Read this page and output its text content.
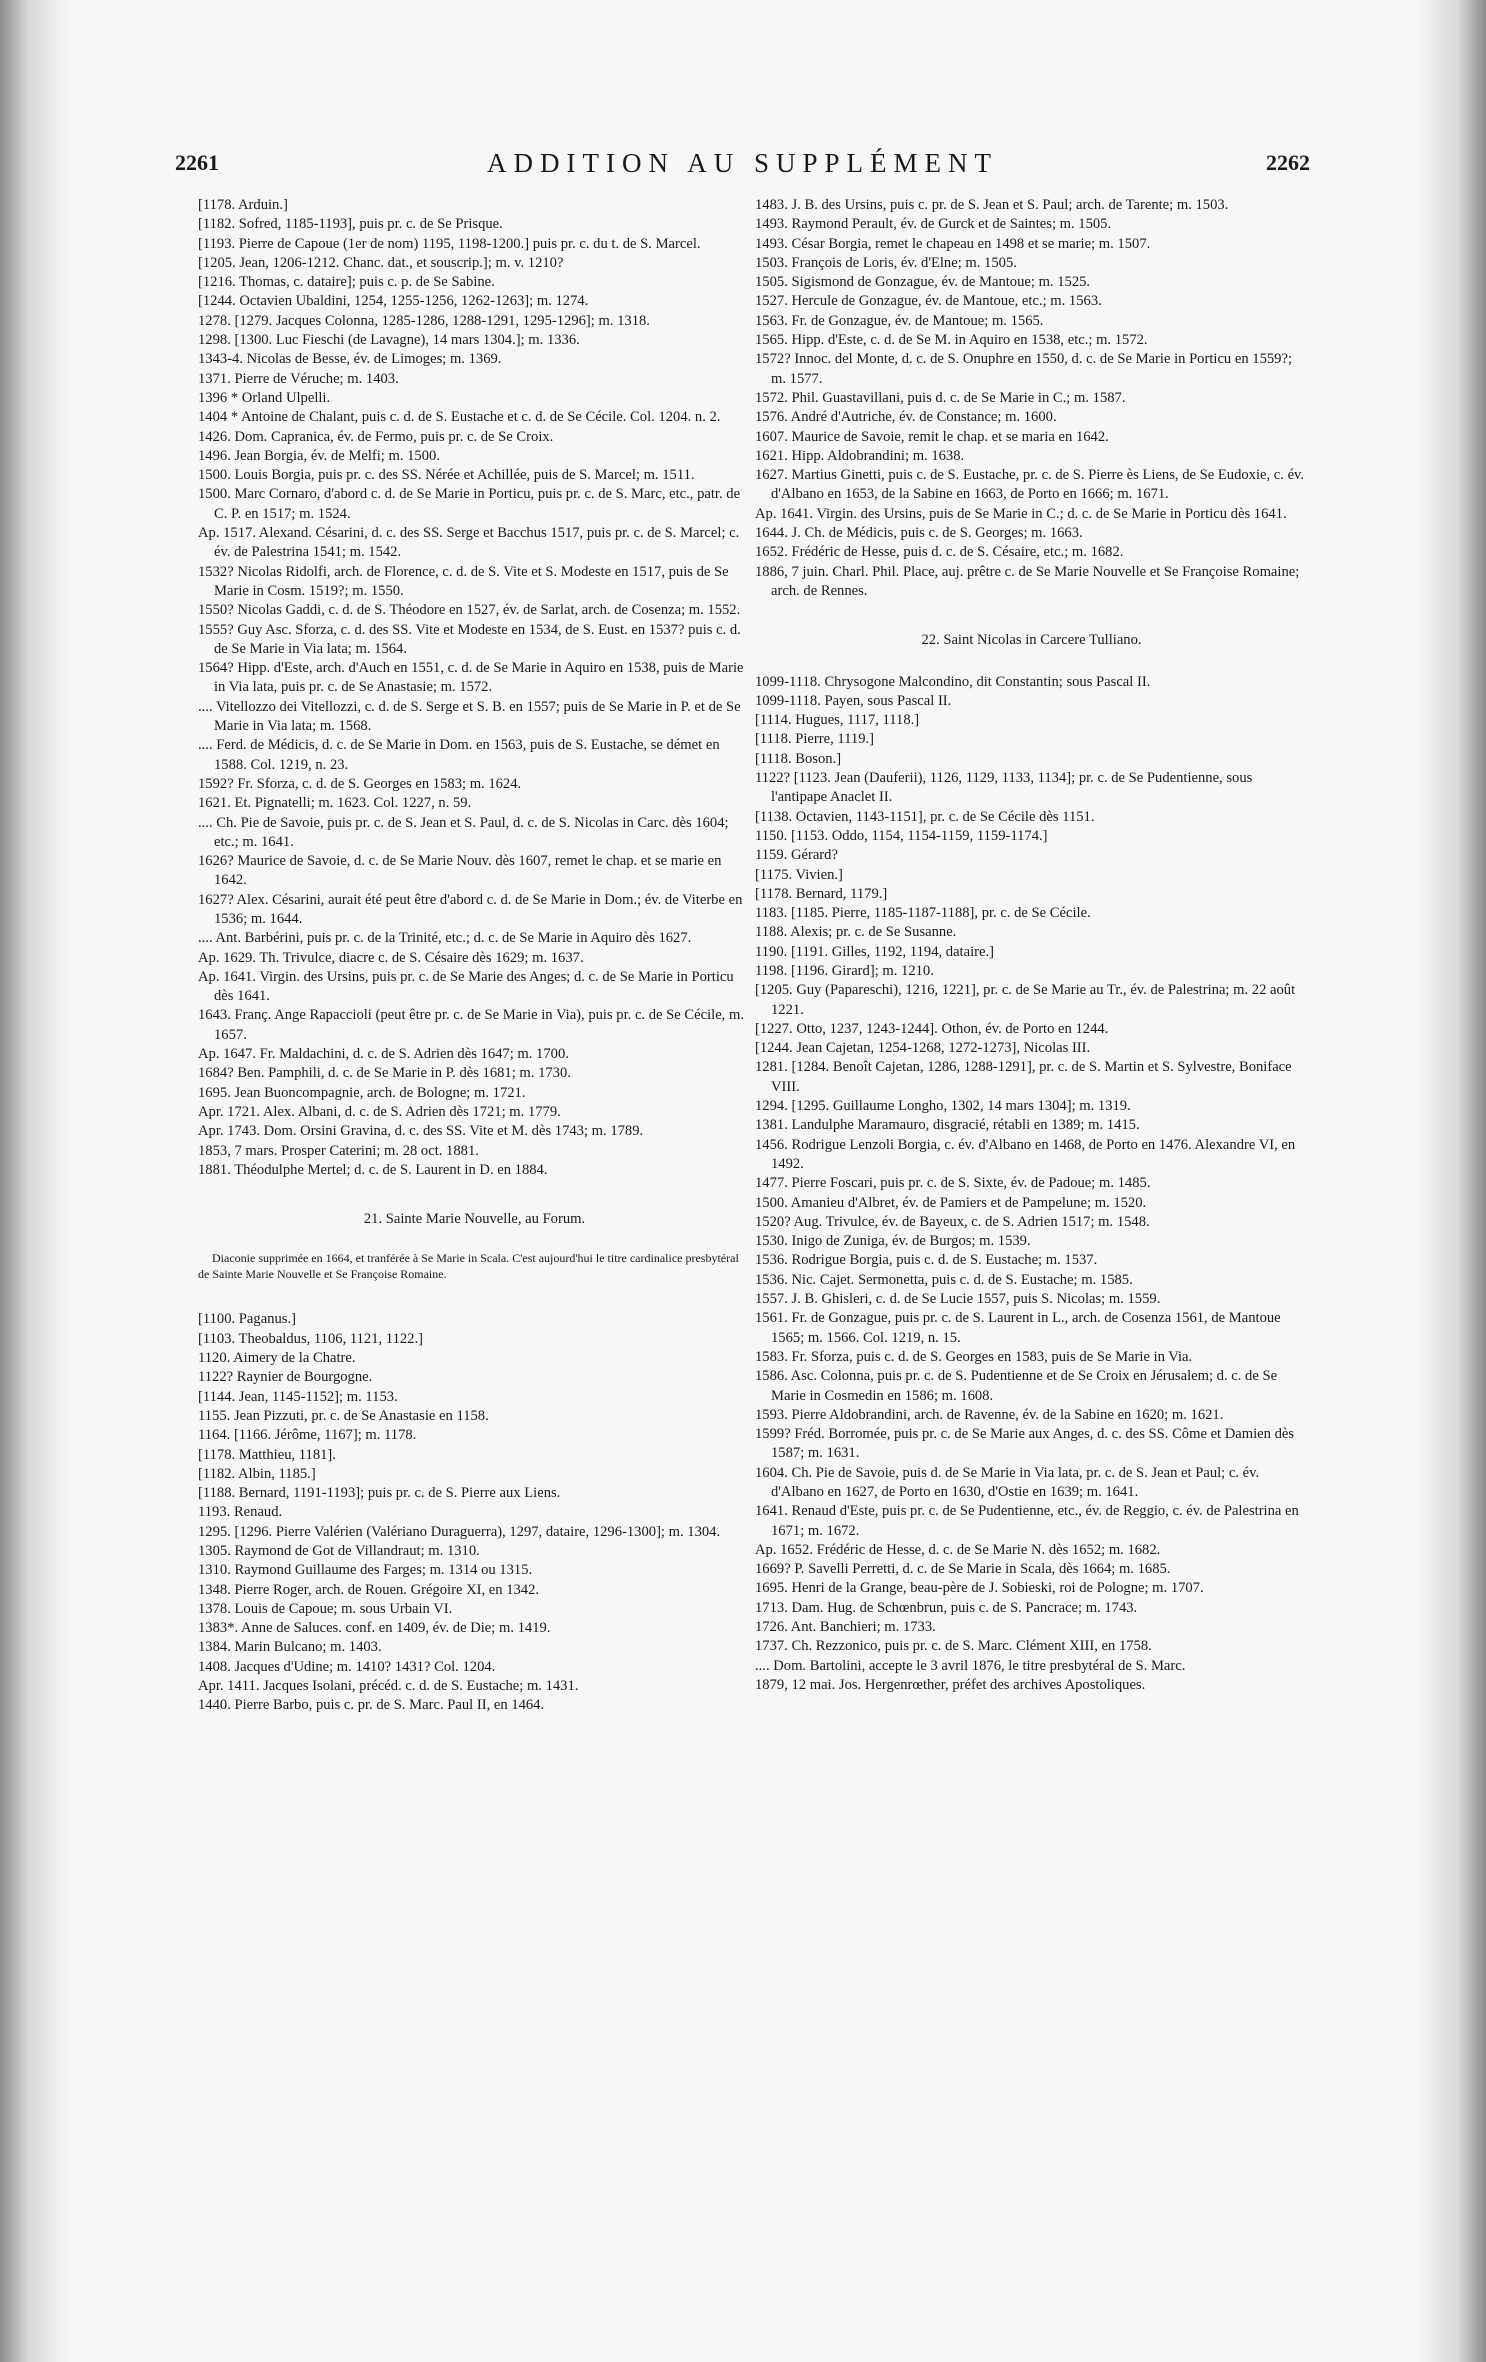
2261	ADDITION AU SUPPLÉMENT	2262
[1178. Arduin.]
[1182. Sofred, 1185-1193], puis pr. c. de Se Prisque.
[1193. Pierre de Capoue (1er de nom) 1195, 1198-1200.] puis pr. c. du t. de S. Marcel.
[1205. Jean, 1206-1212. Chanc. dat., et souscrip.]; m. v. 1210?
[1216. Thomas, c. dataire]; puis c. p. de Se Sabine.
[1244. Octavien Ubaldini, 1254, 1255-1256, 1262-1263]; m. 1274.
1278. [1279. Jacques Colonna, 1285-1286, 1288-1291, 1295-1296]; m. 1318.
1298. [1300. Luc Fieschi (de Lavagne), 14 mars 1304.]; m. 1336.
1343-4. Nicolas de Besse, év. de Limoges; m. 1369.
1371. Pierre de Véruche; m. 1403.
1396 * Orland Ulpelli.
1404 * Antoine de Chalant, puis c. d. de S. Eustache et c. d. de Se Cécile. Col. 1204. n. 2.
1426. Dom. Capranica, év. de Fermo, puis pr. c. de Se Croix.
1496. Jean Borgia, év. de Melfi; m. 1500.
1500. Louis Borgia, puis pr. c. des SS. Nérée et Achillée, puis de S. Marcel; m. 1511.
1500. Marc Cornaro, d'abord c. d. de Se Marie in Porticu, puis pr. c. de S. Marc, etc., patr. de C. P. en 1517; m. 1524.
Ap. 1517. Alexand. Césarini, d. c. des SS. Serge et Bacchus 1517, puis pr. c. de S. Marcel; c. év. de Palestrina 1541; m. 1542.
1532? Nicolas Ridolfi, arch. de Florence, c. d. de S. Vite et S. Modeste en 1517, puis de Se Marie in Cosm. 1519?; m. 1550.
1550? Nicolas Gaddi, c. d. de S. Théodore en 1527, év. de Sarlat, arch. de Cosenza; m. 1552.
1555? Guy Asc. Sforza, c. d. des SS. Vite et Modeste en 1534, de S. Eust. en 1537? puis c. d. de Se Marie in Via lata; m. 1564.
1564? Hipp. d'Este, arch. d'Auch en 1551, c. d. de Se Marie in Aquiro en 1538, puis de Marie in Via lata, puis pr. c. de Se Anastasie; m. 1572.
.... Vitellozzo dei Vitellozzi, c. d. de S. Serge et S. B. en 1557; puis de Se Marie in P. et de Se Marie in Via lata; m. 1568.
.... Ferd. de Médicis, d. c. de Se Marie in Dom. en 1563, puis de S. Eustache, se démet en 1588. Col. 1219, n. 23.
1592? Fr. Sforza, c. d. de S. Georges en 1583; m. 1624.
1621. Et. Pignatelli; m. 1623. Col. 1227, n. 59.
.... Ch. Pie de Savoie, puis pr. c. de S. Jean et S. Paul, d. c. de S. Nicolas in Carc. dès 1604; etc.; m. 1641.
1626? Maurice de Savoie, d. c. de Se Marie Nouv. dès 1607, remet le chap. et se marie en 1642.
1627? Alex. Césarini, aurait été peut être d'abord c. d. de Se Marie in Dom.; év. de Viterbe en 1536; m. 1644.
.... Ant. Barbérini, puis pr. c. de la Trinité, etc.; d. c. de Se Marie in Aquiro dès 1627.
Ap. 1629. Th. Trivulce, diacre c. de S. Césaire dès 1629; m. 1637.
Ap. 1641. Virgin. des Ursins, puis pr. c. de Se Marie des Anges; d. c. de Se Marie in Porticu dès 1641.
1643. Franç. Ange Rapaccioli (peut être pr. c. de Se Marie in Via), puis pr. c. de Se Cécile, m. 1657.
Ap. 1647. Fr. Maldachini, d. c. de S. Adrien dès 1647; m. 1700.
1684? Ben. Pamphili, d. c. de Se Marie in P. dès 1681; m. 1730.
1695. Jean Buoncompagnie, arch. de Bologne; m. 1721.
Apr. 1721. Alex. Albani, d. c. de S. Adrien dès 1721; m. 1779.
Apr. 1743. Dom. Orsini Gravina, d. c. des SS. Vite et M. dès 1743; m. 1789.
1853, 7 mars. Prosper Caterini; m. 28 oct. 1881.
1881. Théodulphe Mertel; d. c. de S. Laurent in D. en 1884.
21. Sainte Marie Nouvelle, au Forum.
Diaconie supprimée en 1664, et tranférée à Se Marie in Scala. C'est aujourd'hui le titre cardinalice presbytéral de Sainte Marie Nouvelle et Se Françoise Romaine.
[1100. Paganus.]
[1103. Theobaldus, 1106, 1121, 1122.]
1120. Aimery de la Chatre.
1122? Raynier de Bourgogne.
[1144. Jean, 1145-1152]; m. 1153.
1155. Jean Pizzuti, pr. c. de Se Anastasie en 1158.
1164. [1166. Jérôme, 1167]; m. 1178.
[1178. Matthieu, 1181].
[1182. Albin, 1185.]
[1188. Bernard, 1191-1193]; puis pr. c. de S. Pierre aux Liens.
1193. Renaud.
1295. [1296. Pierre Valérien (Valériano Duraguerra), 1297, dataire, 1296-1300]; m. 1304.
1305. Raymond de Got de Villandraut; m. 1310.
1310. Raymond Guillaume des Farges; m. 1314 ou 1315.
1348. Pierre Roger, arch. de Rouen. Grégoire XI, en 1342.
1378. Louis de Capoue; m. sous Urbain VI.
1383*. Anne de Saluces. conf. en 1409, év. de Die; m. 1419.
1384. Marin Bulcano; m. 1403.
1408. Jacques d'Udine; m. 1410? 1431? Col. 1204.
Apr. 1411. Jacques Isolani, précéd. c. d. de S. Eustache; m. 1431.
1440. Pierre Barbo, puis c. pr. de S. Marc. Paul II, en 1464.
1483. J. B. des Ursins, puis c. pr. de S. Jean et S. Paul; arch. de Tarente; m. 1503.
1493. Raymond Perault, év. de Gurck et de Saintes; m. 1505.
1493. César Borgia, remet le chapeau en 1498 et se marie; m. 1507.
1503. François de Loris, év. d'Elne; m. 1505.
1505. Sigismond de Gonzague, év. de Mantoue; m. 1525.
1527. Hercule de Gonzague, év. de Mantoue, etc.; m. 1563.
1563. Fr. de Gonzague, év. de Mantoue; m. 1565.
1565. Hipp. d'Este, c. d. de Se M. in Aquiro en 1538, etc.; m. 1572.
1572? Innoc. del Monte, d. c. de S. Onuphre en 1550, d. c. de Se Marie in Porticu en 1559?; m. 1577.
1572. Phil. Guastavillani, puis d. c. de Se Marie in C.; m. 1587.
1576. André d'Autriche, év. de Constance; m. 1600.
1607. Maurice de Savoie, remit le chap. et se maria en 1642.
1621. Hipp. Aldobrandini; m. 1638.
1627. Martius Ginetti, puis c. de S. Eustache, pr. c. de S. Pierre ès Liens, de Se Eudoxie, c. év. d'Albano en 1653, de la Sabine en 1663, de Porto en 1666; m. 1671.
Ap. 1641. Virgin. des Ursins, puis de Se Marie in C.; d. c. de Se Marie in Porticu dès 1641.
1644. J. Ch. de Médicis, puis c. de S. Georges; m. 1663.
1652. Frédéric de Hesse, puis d. c. de S. Césaire, etc.; m. 1682.
1886, 7 juin. Charl. Phil. Place, auj. prêtre c. de Se Marie Nouvelle et Se Françoise Romaine; arch. de Rennes.
22. Saint Nicolas in Carcere Tulliano.
1099-1118. Chrysogone Malcondino, dit Constantin; sous Pascal II.
1099-1118. Payen, sous Pascal II.
[1114. Hugues, 1117, 1118.]
[1118. Pierre, 1119.]
[1118. Boson.]
1122? [1123. Jean (Dauferii), 1126, 1129, 1133, 1134]; pr. c. de Se Pudentienne, sous l'antipape Anaclet II.
[1138. Octavien, 1143-1151], pr. c. de Se Cécile dès 1151.
1150. [1153. Oddo, 1154, 1154-1159, 1159-1174.]
1159. Gérard?
[1175. Vivien.]
[1178. Bernard, 1179.]
1183. [1185. Pierre, 1185-1187-1188], pr. c. de Se Cécile.
1188. Alexis; pr. c. de Se Susanne.
1190. [1191. Gilles, 1192, 1194, dataire.]
1198. [1196. Girard]; m. 1210.
[1205. Guy (Papareschi), 1216, 1221], pr. c. de Se Marie au Tr., év. de Palestrina; m. 22 août 1221.
[1227. Otto, 1237, 1243-1244]. Othon, év. de Porto en 1244.
[1244. Jean Cajetan, 1254-1268, 1272-1273], Nicolas III.
1281. [1284. Benoît Cajetan, 1286, 1288-1291], pr. c. de S. Martin et S. Sylvestre, Boniface VIII.
1294. [1295. Guillaume Longho, 1302, 14 mars 1304]; m. 1319.
1381. Landulphe Maramauro, disgracié, rétabli en 1389; m. 1415.
1456. Rodrigue Lenzoli Borgia, c. év. d'Albano en 1468, de Porto en 1476. Alexandre VI, en 1492.
1477. Pierre Foscari, puis pr. c. de S. Sixte, év. de Padoue; m. 1485.
1500. Amanieu d'Albret, év. de Pamiers et de Pampelune; m. 1520.
1520? Aug. Trivulce, év. de Bayeux, c. de S. Adrien 1517; m. 1548.
1530. Inigo de Zuniga, év. de Burgos; m. 1539.
1536. Rodrigue Borgia, puis c. d. de S. Eustache; m. 1537.
1536. Nic. Cajet. Sermonetta, puis c. d. de S. Eustache; m. 1585.
1557. J. B. Ghisleri, c. d. de Se Lucie 1557, puis S. Nicolas; m. 1559.
1561. Fr. de Gonzague, puis pr. c. de S. Laurent in L., arch. de Cosenza 1561, de Mantoue 1565; m. 1566. Col. 1219, n. 15.
1583. Fr. Sforza, puis c. d. de S. Georges en 1583, puis de Se Marie in Via.
1586. Asc. Colonna, puis pr. c. de S. Pudentienne et de Se Croix en Jérusalem; d. c. de Se Marie in Cosmedin en 1586; m. 1608.
1593. Pierre Aldobrandini, arch. de Ravenne, év. de la Sabine en 1620; m. 1621.
1599? Fréd. Borromée, puis pr. c. de Se Marie aux Anges, d. c. des SS. Côme et Damien dès 1587; m. 1631.
1604. Ch. Pie de Savoie, puis d. de Se Marie in Via lata, pr. c. de S. Jean et Paul; c. év. d'Albano en 1627, de Porto en 1630, d'Ostie en 1639; m. 1641.
1641. Renaud d'Este, puis pr. c. de Se Pudentienne, etc., év. de Reggio, c. év. de Palestrina en 1671; m. 1672.
Ap. 1652. Frédéric de Hesse, d. c. de Se Marie N. dès 1652; m. 1682.
1669? P. Savelli Perretti, d. c. de Se Marie in Scala, dès 1664; m. 1685.
1695. Henri de la Grange, beau-père de J. Sobieski, roi de Pologne; m. 1707.
1713. Dam. Hug. de Schœnbrun, puis c. de S. Pancrace; m. 1743.
1726. Ant. Banchieri; m. 1733.
1737. Ch. Rezzonico, puis pr. c. de S. Marc. Clément XIII, en 1758.
.... Dom. Bartolini, accepte le 3 avril 1876, le titre presbytéral de S. Marc.
1879, 12 mai. Jos. Hergenrœther, préfet des archives Apostoliques.
